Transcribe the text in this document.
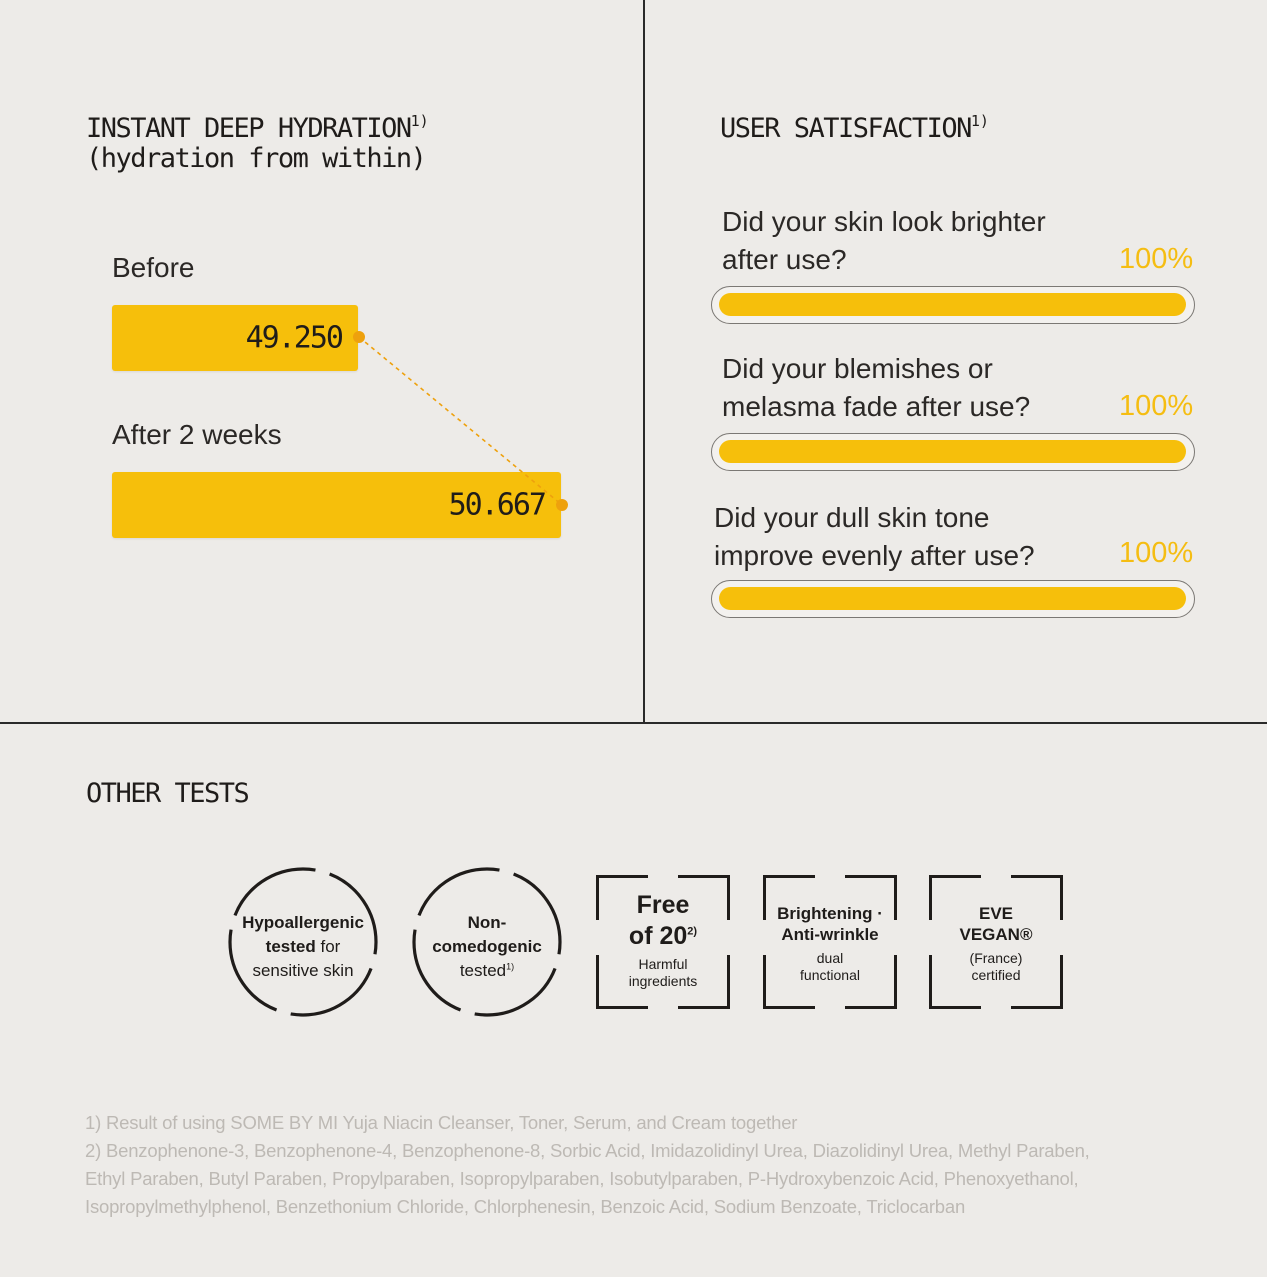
INSTANT DEEP HYDRATION$^{1)}$
(hydration from within)
Before
49.250
After 2 weeks
50.667
USER SATISFACTION$^{1)}$
Did your skin look brighter
after use?	100%
Did your blemishes or
melasma fade after use?	100%
Did your dull skin tone
improve evenly after use?	100%
OTHER TESTS
Hypoallergenic
tested for
sensitive skin
Non-
comedogenic
tested$^{1)}$
Free
of 20$^{2)}$
Harmful
ingredients
Brightening ·
Anti-wrinkle
dual
functional
EVE
VEGAN®
(France)
certified
1) Result of using SOME BY MI Yuja Niacin Cleanser, Toner, Serum, and Cream together
2) Benzophenone-3, Benzophenone-4, Benzophenone-8, Sorbic Acid, Imidazolidinyl Urea, Diazolidinyl Urea, Methyl Paraben,
Ethyl Paraben, Butyl Paraben, Propylparaben, Isopropylparaben, Isobutylparaben, P-Hydroxybenzoic Acid, Phenoxyethanol,
Isopropylmethylphenol, Benzethonium Chloride, Chlorphenesin, Benzoic Acid, Sodium Benzoate, Triclocarban
